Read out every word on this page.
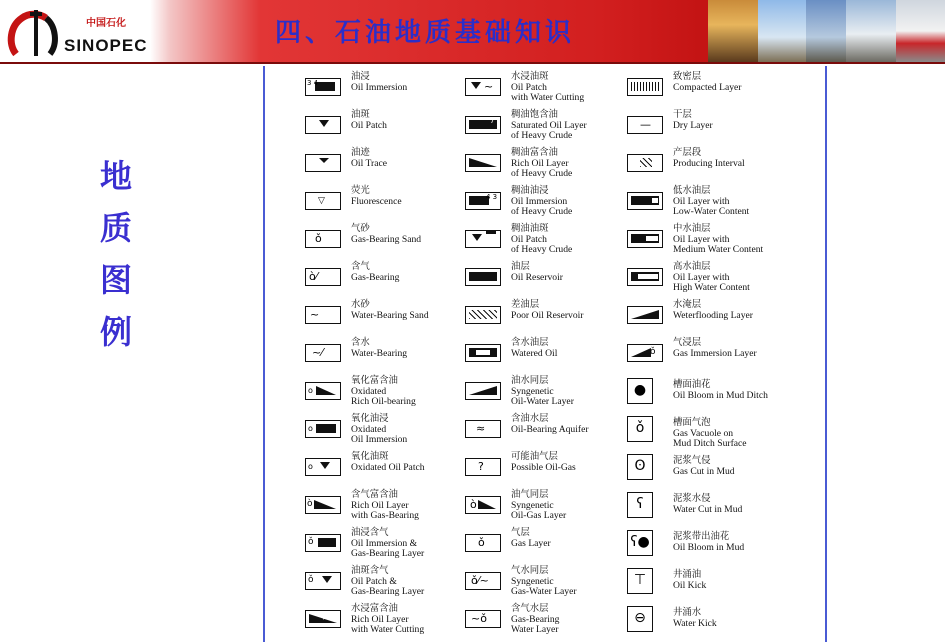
中国石化
SINOPEC	四、石油地质基础知识
地
质
图
例
3 4
油浸
Oil Immersion
油斑
Oil Patch
油迹
Oil Trace
▽
荧光
Fluorescence
ǒ
气砂
Gas-Bearing Sand
ò⁄
含气
Gas-Bearing
~
水砂
Water-Bearing Sand
~⁄
含水
Water-Bearing
o
氧化富含油
Oxidated
Rich Oil-bearing
o
氧化油浸
Oxidated
Oil Immersion
o
氧化油斑
Oxidated Oil Patch
ò
含气富含油
Rich Oil Layer
with Gas-Bearing
ǒ
油浸含气
Oil Immersion &
Gas-Bearing Layer
ǒ
油斑含气
Oil Patch &
Gas-Bearing Layer
~
水浸富含油
Rich Oil Layer
with Water Cutting
~
水浸油斑
Oil Patch
with Water Cutting
7
稠油饱含油
Saturated Oil Layer
of Heavy Crude
稠油富含油
Rich Oil Layer
of Heavy Crude
4 3
稠油油浸
Oil Immersion
of Heavy Crude
稠油油斑
Oil Patch
of Heavy Crude
油层
Oil Reservoir
差油层
Poor Oil Reservoir
含水油层
Watered Oil
油水同层
Syngenetic
Oil-Water Layer
≈
含油水层
Oil-Bearing Aquifer
?
可能油气层
Possible Oil-Gas
ò
油气同层
Syngenetic
Oil-Gas Layer
ǒ
气层
Gas Layer
ǒ⁄~
气水同层
Syngenetic
Gas-Water Layer
~ǒ
含气水层
Gas-Bearing
Water Layer
致密层
Compacted Layer
—
干层
Dry Layer
产层段
Producing Interval
低水油层
Oil Layer with
Low-Water Content
中水油层
Oil Layer with
Medium Water Content
高水油层
Oil Layer with
High Water Content
水淹层
Weterflooding Layer
ǒ
气浸层
Gas Immersion Layer
●	槽面油花
Oil Bloom in Mud Ditch
ǒ	槽面气泡
Gas Vacuole on
Mud Ditch Surface
ʘ	泥浆气侵
Gas Cut in Mud
ʕ	泥浆水侵
Water Cut in Mud
ʕ●	泥浆带出油花
Oil Bloom in Mud
⊤	井涌油
Oil Kick
⊖	井涌水
Water Kick
